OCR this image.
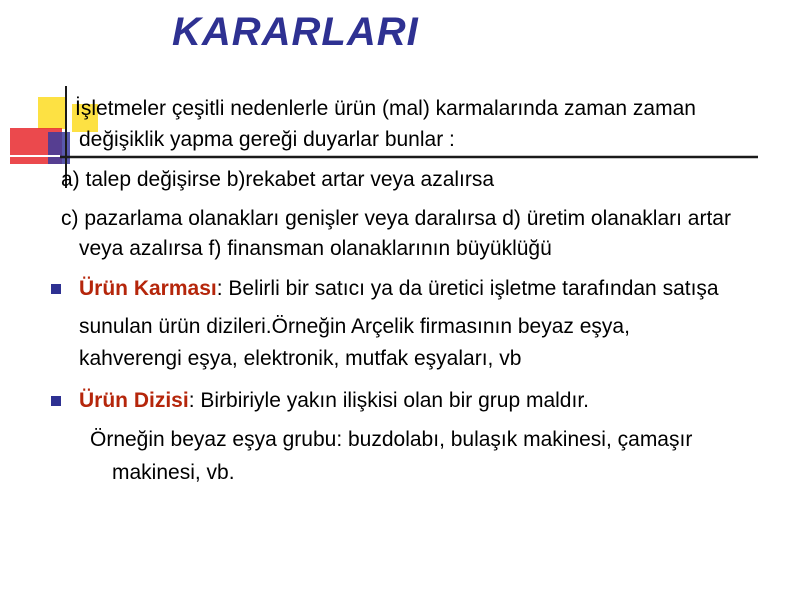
KARARLARI
İşletmeler çeşitli nedenlerle ürün (mal) karmalarında zaman zaman
değişiklik yapma gereği duyarlar bunlar :
a) talep değişirse b)rekabet artar veya azalırsa
c) pazarlama olanakları genişler veya daralırsa d) üretim olanakları artar
veya azalırsa f) finansman olanaklarının büyüklüğü
Ürün Karması: Belirli bir satıcı ya da üretici işletme tarafından satışa
sunulan ürün dizileri.Örneğin Arçelik firmasının beyaz eşya,
kahverengi eşya, elektronik, mutfak eşyaları, vb
Ürün Dizisi: Birbiriyle yakın ilişkisi olan bir grup maldır.
Örneğin beyaz eşya grubu: buzdolabı, bulaşık makinesi, çamaşır
makinesi, vb.
